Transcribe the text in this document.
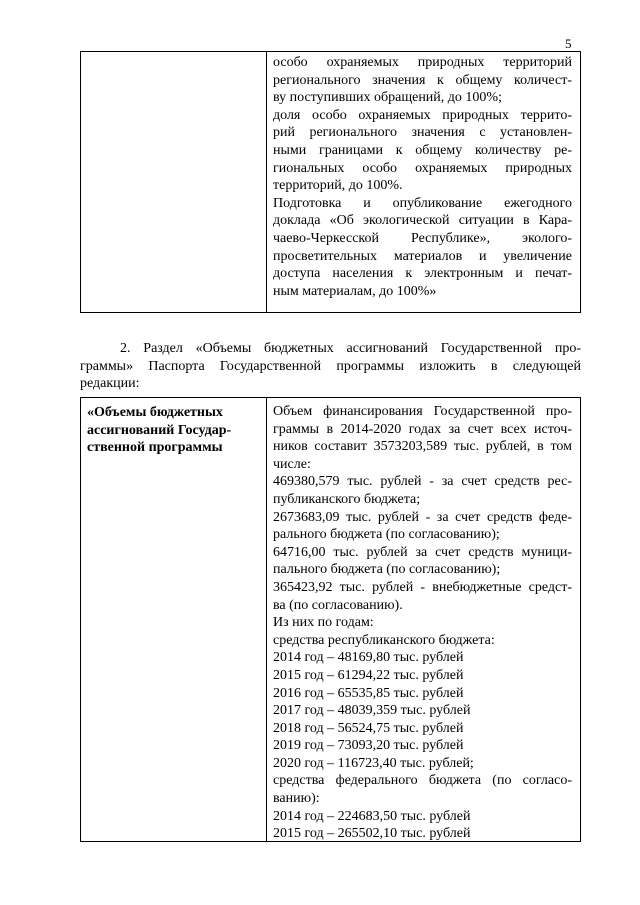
5
особо охраняемых природных территорий
регионального значения к общему количест-
ву поступивших обращений, до 100%;
доля особо охраняемых природных террито-
рий регионального значения с установлен-
ными границами к общему количеству ре-
гиональных особо охраняемых природных
территорий, до 100%.
Подготовка и опубликование ежегодного
доклада «Об экологической ситуации в Кара-
чаево-Черкесской Республике», эколого-
просветительных материалов и увеличение
доступа населения к электронным и печат-
ным материалам, до 100%»
2. Раздел «Объемы бюджетных ассигнований Государственной про-
граммы» Паспорта Государственной программы изложить в следующей
редакции:
«Объемы бюджетных
ассигнований Государ-
ственной программы
Объем финансирования Государственной про-
граммы в 2014-2020 годах за счет всех источ-
ников составит 3573203,589 тыс. рублей, в том
числе:
469380,579 тыс. рублей - за счет средств рес-
публиканского бюджета;
2673683,09 тыс. рублей - за счет средств феде-
рального бюджета (по согласованию);
64716,00 тыс. рублей за счет средств муници-
пального бюджета (по согласованию);
365423,92 тыс. рублей - внебюджетные средст-
ва (по согласованию).
Из них по годам:
средства республиканского бюджета:
2014 год – 48169,80 тыс. рублей
2015 год – 61294,22 тыс. рублей
2016 год – 65535,85 тыс. рублей
2017 год – 48039,359 тыс. рублей
2018 год – 56524,75 тыс. рублей
2019 год – 73093,20 тыс. рублей
2020 год – 116723,40 тыс. рублей;
средства федерального бюджета (по согласо-
ванию):
2014 год – 224683,50 тыс. рублей
2015 год – 265502,10 тыс. рублей
